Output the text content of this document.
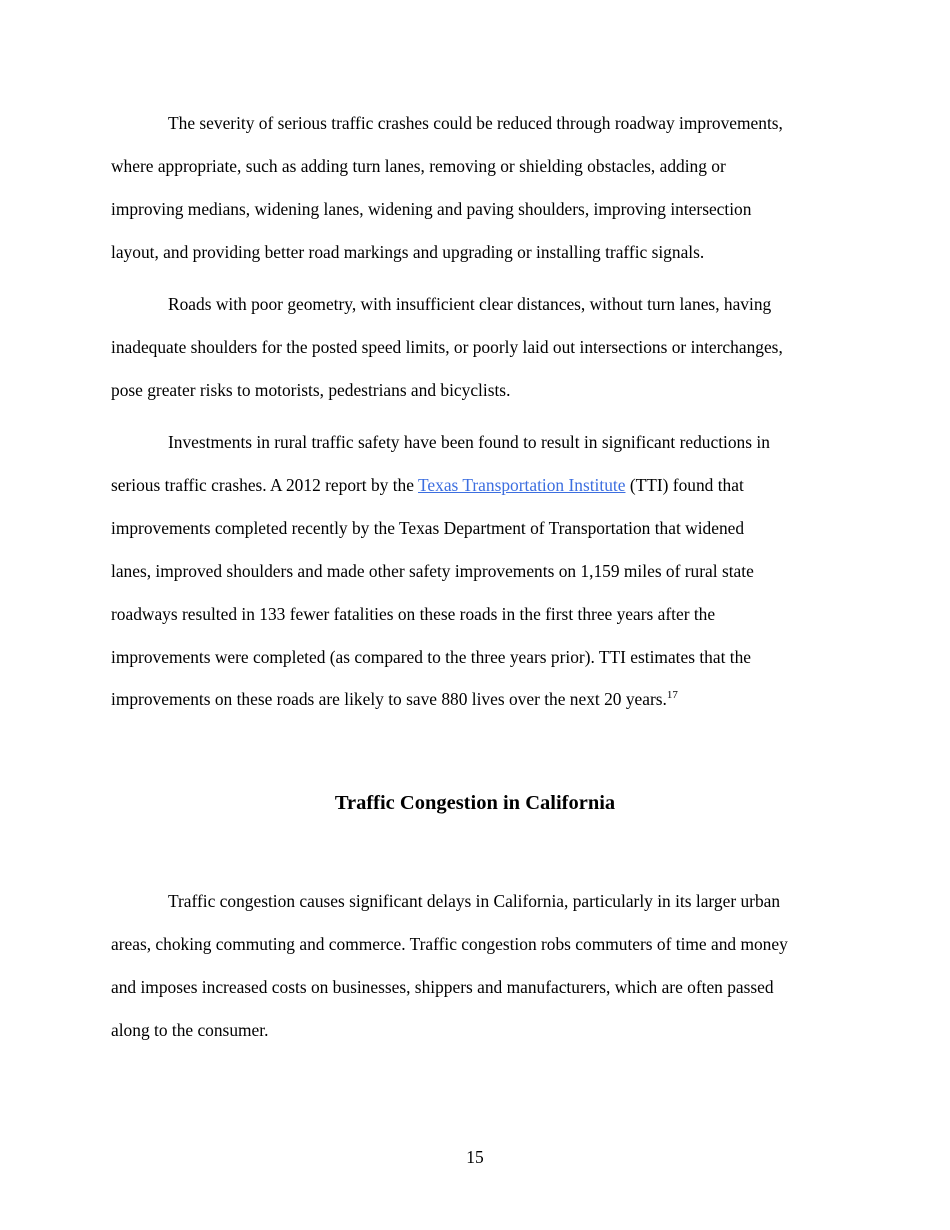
The severity of serious traffic crashes could be reduced through roadway improvements,

where appropriate, such as adding turn lanes, removing or shielding obstacles, adding or

improving medians, widening lanes, widening and paving shoulders, improving intersection

layout, and providing better road markings and upgrading or installing traffic signals.

Roads with poor geometry, with insufficient clear distances, without turn lanes, having

inadequate shoulders for the posted speed limits, or poorly laid out intersections or interchanges,

pose greater risks to motorists, pedestrians and bicyclists.

Investments in rural traffic safety have been found to result in significant reductions in

serious traffic crashes. A 2012 report by the Texas Transportation Institute (TTI) found that

improvements completed recently by the Texas Department of Transportation that widened

lanes, improved shoulders and made other safety improvements on 1,159 miles of rural state

roadways resulted in 133 fewer fatalities on these roads in the first three years after the

improvements were completed (as compared to the three years prior). TTI estimates that the

improvements on these roads are likely to save 880 lives over the next 20 years.$^{17}$

Traffic Congestion in California

Traffic congestion causes significant delays in California, particularly in its larger urban

areas, choking commuting and commerce. Traffic congestion robs commuters of time and money

and imposes increased costs on businesses, shippers and manufacturers, which are often passed

along to the consumer.

15
